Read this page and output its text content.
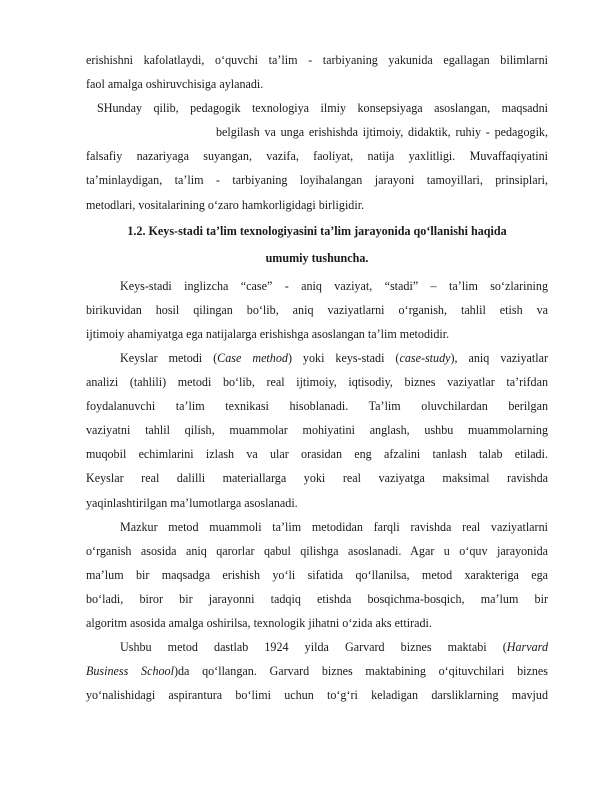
erishishni kafolatlaydi, o‘quvchi ta’lim - tarbiyaning yakunida egallagan bilimlarni
faol amalga oshiruvchisiga aylanadi.
SHunday qilib, pedagogik texnologiya ilmiy konsepsiyaga asoslangan, maqsadni
belgilash va unga erishishda ijtimoiy, didaktik, ruhiy - pedagogik,
falsafiy nazariyaga suyangan, vazifa, faoliyat, natija yaxlitligi. Muvaffaqiyatini
ta’minlaydigan, ta’lim - tarbiyaning loyihalangan jarayoni tamoyillari, prinsiplari,
metodlari, vositalarining o‘zaro hamkorligidagi birligidir.
1.2. Keys-stadi ta’lim texnologiyasini ta’lim jarayonida qo‘llanishi haqida
umumiy tushuncha.
Keys-stadi inglizcha “case” - aniq vaziyat, “stadi” – ta’lim so‘zlarining
birikuvidan hosil qilingan bo‘lib, aniq vaziyatlarni o‘rganish, tahlil etish va
ijtimoiy ahamiyatga ega natijalarga erishishga asoslangan ta’lim metodidir.
Keyslar metodi (Case method) yoki keys-stadi (case-study), aniq vaziyatlar
analizi (tahlili) metodi bo‘lib, real ijtimoiy, iqtisodiy, biznes vaziyatlar ta’rifdan
foydalanuvchi ta’lim texnikasi hisoblanadi. Ta’lim oluvchilardan berilgan
vaziyatni tahlil qilish, muammolar mohiyatini anglash, ushbu muammolarning
muqobil echimlarini izlash va ular orasidan eng afzalini tanlash talab etiladi.
Keyslar real dalilli materiallarga yoki real vaziyatga maksimal ravishda
yaqinlashtirilgan ma’lumotlarga asoslanadi.
Mazkur metod muammoli ta’lim metodidan farqli ravishda real vaziyatlarni
o‘rganish asosida aniq qarorlar qabul qilishga asoslanadi. Agar u o‘quv jarayonida
ma’lum bir maqsadga erishish yo‘li sifatida qo‘llanilsa, metod xarakteriga ega
bo‘ladi, biror bir jarayonni tadqiq etishda bosqichma-bosqich, ma’lum bir
algoritm asosida amalga oshirilsa, texnologik jihatni o‘zida aks ettiradi.
Ushbu metod dastlab 1924 yilda Garvard biznes maktabi (Harvard
Business School)da qo‘llangan. Garvard biznes maktabining o‘qituvchilari biznes
yo‘nalishidagi aspirantura bo‘limi uchun to‘g‘ri keladigan darsliklarning mavjud
